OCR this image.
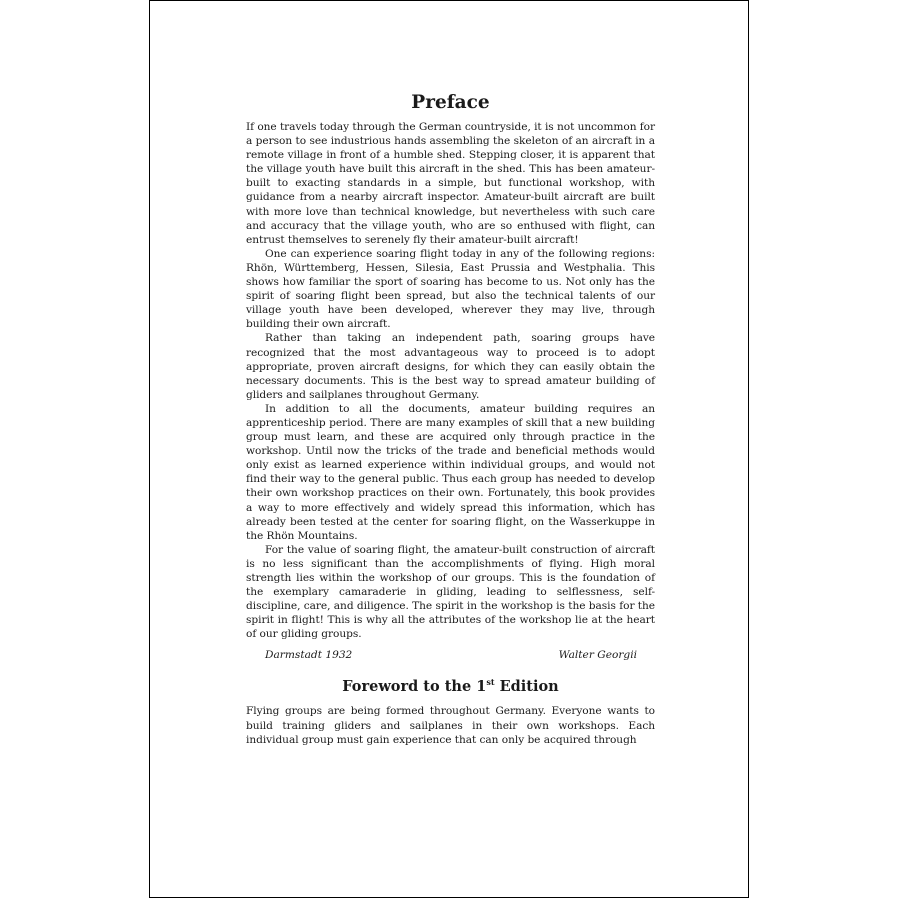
Preface

If one travels today through the German countryside, it is not uncommon for a person to see industrious hands assembling the skeleton of an aircraft in a remote village in front of a humble shed. Stepping closer, it is apparent that the village youth have built this aircraft in the shed. This has been amateur-built to exacting standards in a simple, but functional workshop, with guidance from a nearby aircraft inspector. Amateur-built aircraft are built with more love than technical knowledge, but nevertheless with such care and accuracy that the village youth, who are so enthused with flight, can entrust themselves to serenely fly their amateur-built aircraft!

One can experience soaring flight today in any of the following regions: Rhön, Württemberg, Hessen, Silesia, East Prussia and Westphalia. This shows how familiar the sport of soaring has become to us. Not only has the spirit of soaring flight been spread, but also the technical talents of our village youth have been developed, wherever they may live, through building their own aircraft.

Rather than taking an independent path, soaring groups have recognized that the most advantageous way to proceed is to adopt appropriate, proven aircraft designs, for which they can easily obtain the necessary documents. This is the best way to spread amateur building of gliders and sailplanes throughout Germany.

In addition to all the documents, amateur building requires an apprenticeship period. There are many examples of skill that a new building group must learn, and these are acquired only through practice in the workshop. Until now the tricks of the trade and beneficial methods would only exist as learned experience within individual groups, and would not find their way to the general public. Thus each group has needed to develop their own workshop practices on their own. Fortunately, this book provides a way to more effectively and widely spread this information, which has already been tested at the center for soaring flight, on the Wasserkuppe in the Rhön Mountains.

For the value of soaring flight, the amateur-built construction of aircraft is no less significant than the accomplishments of flying. High moral strength lies within the workshop of our groups. This is the foundation of the exemplary camaraderie in gliding, leading to selflessness, self-discipline, care, and diligence. The spirit in the workshop is the basis for the spirit in flight! This is why all the attributes of the workshop lie at the heart of our gliding groups.

Darmstadt 1932	Walter Georgii
Foreword to the 1st Edition

Flying groups are being formed throughout Germany. Everyone wants to build training gliders and sailplanes in their own workshops. Each individual group must gain experience that can only be acquired through
